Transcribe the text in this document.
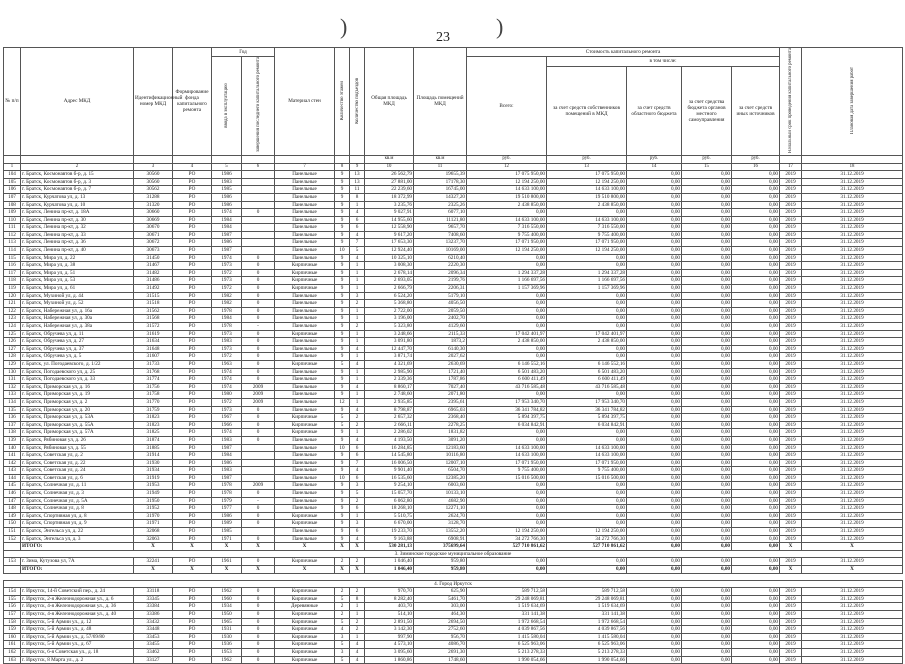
)	)
23
№ п/п	Адрес МКД	Идентификационный номер МКД	Формирование фонда капитального ремонта	Год		Материал стен	Количество этажей	Количество подъездов	Общая площадь МКД	Площадь помещений МКД	Стоимость капитального ремонта					Начальный срок проведения капитального ремонта	Плановая дата завершения работ
				ввода в эксплуатацию	завершения последнего капитального ремонта						Всего:	в том числе:					
												за счет средств собственников помещений в МКД	за счет средств областного бюджета	за счет средства бюджета органов местного самоуправления	за счет средств иных источников		
									кв.м	кв.м	руб.	руб.	руб.	руб.	руб.		
1	2	3	4	5	6	7	8	9	10	11	12	13	14	15	16	17	18
104	г. Братск, Космонавтов б-р, д. 15	30560	РО	1986		Панельные	9	13	26 562,79	19655,39	17 075 950,00	17 075 950,00	0,00	0,00	0,00	2019	31.12.2019
105	г. Братск, Космонавтов б-р, д. 3	30560	РО	1983		Панельные	9	13	27 881,00	17178,30	12 194 250,00	12 194 250,00	0,00	0,00	0,00	2019	31.12.2019
106	г. Братск, Космонавтов б-р, д. 7	30562	РО	1985		Панельные	9	11	22 239,60	16745,00	14 633 100,00	14 633 100,00	0,00	0,00	0,00	2019	31.12.2019
107	г. Братск, Курчатова ул, д. 13	31288	РО	1986		Панельные	9	8	18 372,99	14327,20	19 510 800,00	19 510 800,00	0,00	0,00	0,00	2019	31.12.2019
108	г. Братск, Курчатова ул, д. 10	31320	РО	1986		Панельные	9	1	3 235,76	2325,26	2 438 850,00	2 438 850,00	0,00	0,00	0,00	2019	31.12.2019
109	г. Братск, Ленина пр-кт, д. 18А	30660	РО	1974	0	Панельные	9	4	9 027,91	6077,10	0,00	0,00	0,00	0,00	0,00	2019	31.12.2019
110	г. Братск, Ленина пр-кт, д. 30	30669	РО	1984		Панельные	9	6	14 955,60	11121,80	14 633 100,00	14 633 100,00	0,00	0,00	0,00	2019	31.12.2019
111	г. Братск, Ленина пр-кт, д. 32	30670	РО	1984		Панельные	9	6	12 558,90	9657,70	7 316 550,00	7 316 550,00	0,00	0,00	0,00	2019	31.12.2019
112	г. Братск, Ленина пр-кт, д. 33	30671	РО	1987		Панельные	9	4	9 617,20	7408,60	9 755 400,00	9 755 400,00	0,00	0,00	0,00	2019	31.12.2019
113	г. Братск, Ленина пр-кт, д. 36	30672	РО	1986		Панельные	9	7	17 653,30	13237,70	17 071 950,00	17 071 950,00	0,00	0,00	0,00	2019	31.12.2019
114	г. Братск, Ленина пр-кт, д. 40	30673	РО	1987		Панельные	10	5	12 924,40	10169,00	12 194 250,00	12 194 250,00	0,00	0,00	0,00	2019	31.12.2019
115	г. Братск, Мира ул, д. 22	31450	РО	1974	0	Панельные	9	4	10 325,10	6210,40	0,00	0,00	0,00	0,00	0,00	2019	31.12.2019
116	г. Братск, Мира ул, д. 38	31467	РО	1973	0	Кирпичные	9	1	3 008,30	2220,30	0,00	0,00	0,00	0,00	0,00	2019	31.12.2019
117	г. Братск, Мира ул, д. 51	31482	РО	1972	0	Кирпичные	9	1	2 678,14	2096,34	1 294 337,28	1 294 337,28	0,00	0,00	0,00	2019	31.12.2019
118	г. Братск, Мира ул, д. 53	31486	РО	1973	0	Кирпичные	9	1	2 693,05	2199,76	1 166 697,56	1 166 697,56	0,00	0,00	0,00	2019	31.12.2019
119	г. Братск, Мира ул, д. 61	31492	РО	1972	0	Кирпичные	9	1	2 666,79	2206,31	1 157 369,96	1 157 369,96	0,00	0,00	0,00	2019	31.12.2019
120	г. Братск, Мухиной ул, д. 44	31515	РО	1982	0	Панельные	9	3	6 524,20	5179,10	0,00	0,00	0,00	0,00	0,00	2019	31.12.2019
121	г. Братск, Мухиной ул, д. 52	31518	РО	1982	0	Панельные	9	2	5 368,80	4056,50	0,00	0,00	0,00	0,00	0,00	2019	31.12.2019
122	г. Братск, Набережная ул, д. 16а	31562	РО	1978	0	Панельные	9	1	2 722,00	2059,50	0,00	0,00	0,00	0,00	0,00	2019	31.12.2019
123	г. Братск, Набережная ул, д. 30а	31568	РО	1984	0	Панельные	9	1	3 196,00	2402,70	0,00	0,00	0,00	0,00	0,00	2019	31.12.2019
124	г. Братск, Набережная ул, д. 38а	31572	РО	1978	-	Панельные	9	2	5 323,80	4129,60	0,00	0,00	0,00	0,00	0,00	2019	31.12.2019
125	г. Братск, Обручева ул, д. 11	31619	РО	1973	0	Кирпичные	9	1	3 248,66	2115,33	17 042 401,97	17 042 401,97	0,00	0,00	0,00	2019	31.12.2019
126	г. Братск, Обручева ул, д. 27	31634	РО	1983	0	Панельные	9	1	3 091,80	1873,2	2 438 850,00	2 438 850,00	0,00	0,00	0,00	2019	31.12.2019
127	г. Братск, Обручева ул, д. 37	31648	РО	1973	0	Панельные	9	4	12 447,70	6140,30	0,00	0,00	0,00	0,00	0,00	2019	31.12.2019
128	г. Братск, Обручева ул, д. 5	31607	РО	1972	0	Панельные	9	1	3 871,74	2027,62	0,00	0,00	0,00	0,00	0,00	2019	31.12.2019
129	г. Братск, ул. Погодаевского, д. 1/22	31733	РО	1963	0	Кирпичные	5	4	4 321,69	2630,69	6 146 552,16	6 146 552,16	0,00	0,00	0,00	2019	31.12.2019
130	г. Братск, Погодаевского ул, д. 25	31768	РО	1974	0	Панельные	9	1	2 985,90	1721,40	6 501 483,20	6 501 483,20	0,00	0,00	0,00	2019	31.12.2019
131	г. Братск, Погодаевского ул, д. 33	31774	РО	1974	0	Панельные	9	1	2 339,36	1787,86	6 600 411,49	6 600 411,49	0,00	0,00	0,00	2019	31.12.2019
132	г. Братск, Приморская ул, д. 16	31756	РО	1974	2009	Панельные	9	4	8 860,17	7027,40	43 716 585,48	43 716 585,48	0,00	0,00	0,00	2019	31.12.2019
133	г. Братск, Приморская ул, д. 19	31758	РО	1980	2009	Панельные	9	1	2 748,60	2071,80	0,00	0,00	0,00	0,00	0,00	2019	31.12.2019
134	г. Братск, Приморская ул, д. 2	31770	РО	1972	2009	Панельные	12	1	2 935,85	2395,61	17 953 340,70	17 953 340,70	0,00	0,00	0,00	2019	31.12.2019
135	г. Братск, Приморская ул, д. 20	31759	РО	1973	0	Панельные	9	4	8 798,87	6965,03	36 341 784,82	36 341 784,82	0,00	0,00	0,00	2019	31.12.2019
136	г. Братск, Приморская ул, д. 53А	31823	РО	1967	0	Кирпичные	5	2	2 657,32	2368,40	5 894 397,75	5 894 397,75	0,00	0,00	0,00	2019	31.12.2019
137	г. Братск, Приморская ул, д. 55А	31823	РО	1966	0	Кирпичные	5	2	2 666,11	2278,25	6 034 842,91	6 034 842,91	0,00	0,00	0,00	2019	31.12.2019
138	г. Братск, Приморская ул, д. 57А	31825	РО	1974	0	Кирпичные	9	1	2 286,02	1831,82	0,00	0,00	0,00	0,00	0,00	2019	31.12.2019
139	г. Братск, Рябиновая ул, д. 26	31874	РО	1983	0	Панельные	9	4	4 193,50	3091,20	0,00	0,00	0,00	0,00	0,00	2019	31.12.2019
140	г. Братск, Рябиновая ул, д. 55	31885	РО	1987		Панельные	10	6	16 284,85	12183,60	14 633 100,00	14 633 100,00	0,00	0,00	0,00	2019	31.12.2019
141	г. Братск, Советская ул, д. 2	31914	РО	1984		Панельные	9	6	14 545,80	10116,80	14 633 100,00	14 633 100,00	0,00	0,00	0,00	2019	31.12.2019
142	г. Братск, Советская ул, д. 22	31930	РО	1986		Панельные	9	7	16 006,50	12007,10	17 071 950,00	17 071 950,00	0,00	0,00	0,00	2019	31.12.2019
143	г. Братск, Советская ул, д. 24	31934	РО	1983		Панельные	9	4	9 901,40	6504,70	9 755 400,00	9 755 400,00	0,00	0,00	0,00	2019	31.12.2019
144	г. Братск, Советская ул, д. 6	31919	РО	1987		Панельные	10	6	16 535,60	12385,20	15 016 500,00	15 016 500,00	0,00	0,00	0,00	2019	31.12.2019
145	г. Братск, Солнечная ул, д. 11	31953	РО	1978	2009	Панельные	9	3	9 254,10	6003,60	0,00	0,00	0,00	0,00	0,00	2019	31.12.2019
146	г. Братск, Солнечная ул, д. 3	31949	РО	1978	0	Панельные	9	5	15 057,70	10133,10	0,00	0,00	0,00	0,00	0,00	2019	31.12.2019
147	г. Братск, Солнечная ул, д. 5А	31950	РО	1979	-	Панельные	9	2	6 062,80	4682,90	0,00	0,00	0,00	0,00	0,00	2019	31.12.2019
148	г. Братск, Солнечная ул, д. 8	31952	РО	1977	0	Панельные	9	6	18 268,10	12271,10	0,00	0,00	0,00	0,00	0,00	2019	31.12.2019
149	г. Братск, Спортивная ул, д. 8	31970	РО	1986	0	Кирпичные	9	1	5 510,75	2624,70	0,00	0,00	0,00	0,00	0,00	2019	31.12.2019
150	г. Братск, Спортивная ул, д. 9	31971	РО	1989	0	Кирпичные	9	3	6 670,00	3128,70	0,00	0,00	0,00	0,00	0,00	2019	31.12.2019
151	г. Братск, Энгельса ул, д. 22	32068	РО	1985		Панельные	9	6	19 233,70	13552,20	12 194 250,00	12 194 250,00	0,00	0,00	0,00	2019	31.12.2019
152	г. Братск, Энгельса ул, д. 3	32063	РО	1971	0	Панельные	9	4	9 163,88	6908,91	34 272 766,30	34 272 766,30	0,00	0,00	0,00	2019	31.12.2019
	ИТОГО:	X	X	X	X	X	X	X	530 281,13	375699,64	527 710 861,62	527 710 861,62	0,00	0,00	0,00	X	X
3. Зиминское городское муниципальное образование																	
153	г. Зима, Кутузова ул, 7А	32241	РО	1961	0	Кирпичные	2	2	1 046,40	959,80	0,00	0,00	0,00	0,00	0,00	2019	31.12.2019
	ИТОГО:	X	X	X	X	X	X	X	1 046,40	959,80	0,00	0,00	0,00	0,00	0,00	X	X

4. Город Иркутск																	
154	г. Иркутск, 14-й Советский пер., д. 24	33118	РО	1962	0	Кирпичные	2	2	970,70	625,90	589 712,58	589 712,58	0,00	0,00	0,00	2019	31.12.2019
155	г. Иркутск, 2-я Железнодорожная ул., д. 6	33345	РО	1960	0	Кирпичные	5	8	8 282,40	5461,70	29 248 069,81	29 248 069,81	0,00	0,00	0,00	2019	31.12.2019
156	г. Иркутск, 4-я Железнодорожная ул., д. 36	33384	РО	1934	0	Деревянные	2	1	403,70	303,00	1 519 634,69	1 519 634,69	0,00	0,00	0,00	2019	31.12.2019
157	г. Иркутск, 4-я Железнодорожная ул., д. 40	33386	РО	1950	0	Кирпичные	2	1	514,10	464,30	331 141,38	331 141,38	0,00	0,00	0,00	2019	31.12.2019
158	г. Иркутск, 5-й Армии ул., д. 12	33432	РО	1965	0	Кирпичные	5	2	2 891,50	2694,50	1 972 668,54	1 972 668,54	0,00	0,00	0,00	2019	31.12.2019
159	г. Иркутск, 5-й Армии ул., д. 48	33448	РО	1931	0	Кирпичные	4	2	3 142,30	2752,60	4 039 867,56	4 039 867,56	0,00	0,00	0,00	2019	31.12.2019
160	г. Иркутск, 5-й Армии ул., д. 57/69/80	33453	РО	1930	0	Кирпичные	3	1	997,90	956,70	1 415 580,04	1 415 580,04	0,00	0,00	0,00	2019	31.12.2019
161	г. Иркутск, 5-й Армии ул., д. 67	33455	РО	1936	0	Кирпичные	5	4	4 573,10	4086,70	6 525 963,06	6 525 963,06	0,00	0,00	0,00	2019	31.12.2019
162	г. Иркутск, 6-я Советская ул., д. 18	33462	РО	1953	0	Кирпичные	3	4	3 095,60	2691,30	5 213 278,33	5 213 278,33	0,00	0,00	0,00	2019	31.12.2019
163	г. Иркутск, 8 Марта ул., д. 2	33127	РО	1962	0	Кирпичные	5	4	1 860,86	1748,60	1 990 054,66	1 990 054,66	0,00	0,00	0,00	2019	31.12.2019
